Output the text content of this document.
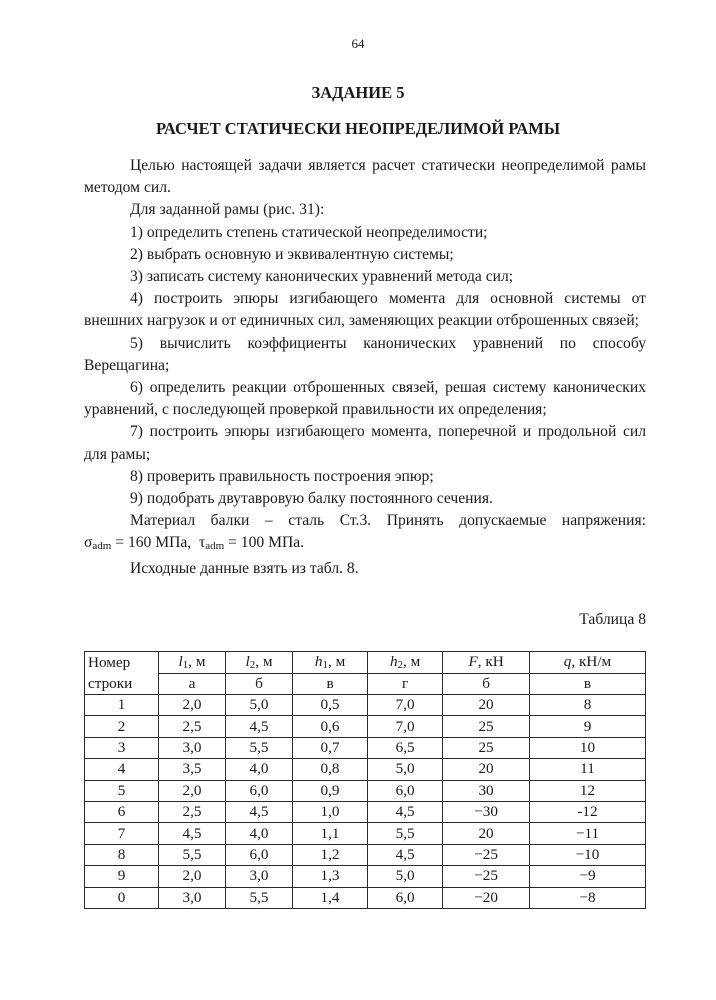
64
ЗАДАНИЕ 5
РАСЧЕТ СТАТИЧЕСКИ НЕОПРЕДЕЛИМОЙ РАМЫ

Целью настоящей задачи является расчет статически неопределимой рамы методом сил.

Для заданной рамы (рис. 31):

1) определить степень статической неопределимости;

2) выбрать основную и эквивалентную системы;

3) записать систему канонических уравнений метода сил;

4) построить эпюры изгибающего момента для основной системы от внешних нагрузок и от единичных сил, заменяющих реакции отброшенных связей;

5) вычислить коэффициенты канонических уравнений по способу Верещагина;

6) определить реакции отброшенных связей, решая систему канонических уравнений, с последующей проверкой правильности их определения;

7) построить эпюры изгибающего момента, поперечной и продольной сил для рамы;

8) проверить правильность построения эпюр;

9) подобрать двутавровую балку постоянного сечения.

Материал балки – сталь Ст.3. Принять допускаемые напряжения:

σadm = 160 МПа, τadm = 100 МПа.

Исходные данные взять из табл. 8.

Таблица 8
Номер строки	l1, м	l2, м	h1, м	h2, м	F, кН	q, кН/м
	а	б	в	г	б	в
1	2,0	5,0	0,5	7,0	20	8
2	2,5	4,5	0,6	7,0	25	9
3	3,0	5,5	0,7	6,5	25	10
4	3,5	4,0	0,8	5,0	20	11
5	2,0	6,0	0,9	6,0	30	12
6	2,5	4,5	1,0	4,5	−30	-12
7	4,5	4,0	1,1	5,5	20	−11
8	5,5	6,0	1,2	4,5	−25	−10
9	2,0	3,0	1,3	5,0	−25	−9
0	3,0	5,5	1,4	6,0	−20	−8
